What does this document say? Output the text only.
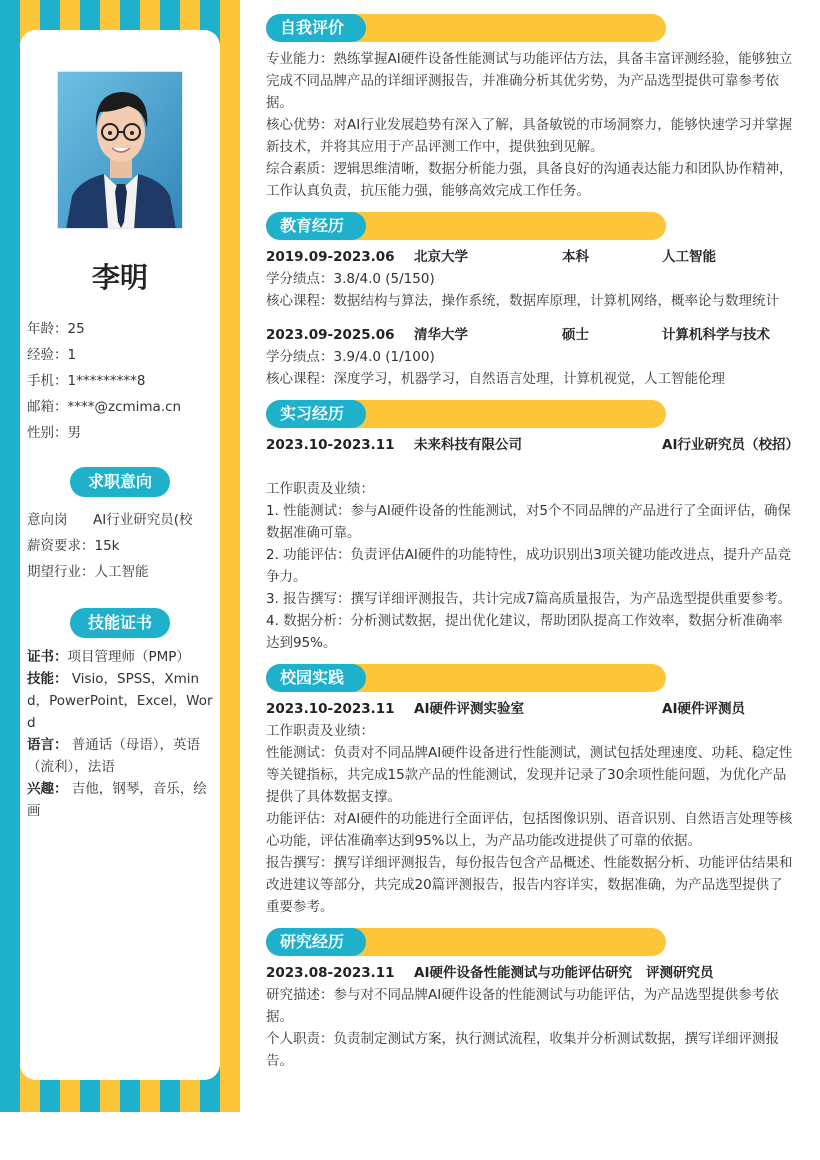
李明
年龄：25
经验：1
手机：1*********8
邮箱：****@zcmima.cn
性别：男
求职意向
意向岗 AI行业研究员(校
薪资要求：15k
期望行业：人工智能
技能证书
证书：项目管理师（PMP）
技能： Visio，SPSS，Xmind，PowerPoint，Excel，Word
语言： 普通话（母语），英语（流利），法语
兴趣： 吉他，钢琴，音乐，绘画
自我评价
专业能力：熟练掌握AI硬件设备性能测试与功能评估方法，具备丰富评测经验，能够独立完成不同品牌产品的详细评测报告，并准确分析其优劣势，为产品选型提供可靠参考依据。
核心优势：对AI行业发展趋势有深入了解，具备敏锐的市场洞察力，能够快速学习并掌握新技术，并将其应用于产品评测工作中，提供独到见解。
综合素质：逻辑思维清晰，数据分析能力强，具备良好的沟通表达能力和团队协作精神，工作认真负责，抗压能力强，能够高效完成工作任务。
教育经历
2019.09-2023.06	北京大学	本科	人工智能
学分绩点：3.8/4.0 (5/150)
核心课程：数据结构与算法，操作系统，数据库原理，计算机网络，概率论与数理统计
2023.09-2025.06	清华大学	硕士	计算机科学与技术
学分绩点：3.9/4.0 (1/100)
核心课程：深度学习，机器学习，自然语言处理，计算机视觉，人工智能伦理
实习经历
2023.10-2023.11	未来科技有限公司	AI行业研究员（校招）
工作职责及业绩：
1. 性能测试：参与AI硬件设备的性能测试，对5个不同品牌的产品进行了全面评估，确保数据准确可靠。
2. 功能评估：负责评估AI硬件的功能特性，成功识别出3项关键功能改进点，提升产品竞争力。
3. 报告撰写：撰写详细评测报告，共计完成7篇高质量报告，为产品选型提供重要参考。
4. 数据分析：分析测试数据，提出优化建议，帮助团队提高工作效率，数据分析准确率达到95%。
校园实践
2023.10-2023.11	AI硬件评测实验室	AI硬件评测员
工作职责及业绩：
性能测试：负责对不同品牌AI硬件设备进行性能测试，测试包括处理速度、功耗、稳定性等关键指标，共完成15款产品的性能测试，发现并记录了30余项性能问题，为优化产品提供了具体数据支撑。
功能评估：对AI硬件的功能进行全面评估，包括图像识别、语音识别、自然语言处理等核心功能，评估准确率达到95%以上，为产品功能改进提供了可靠的依据。
报告撰写：撰写详细评测报告，每份报告包含产品概述、性能数据分析、功能评估结果和改进建议等部分，共完成20篇评测报告，报告内容详实，数据准确，为产品选型提供了重要参考。
研究经历
2023.08-2023.11	AI硬件设备性能测试与功能评估研究	评测研究员
研究描述：参与对不同品牌AI硬件设备的性能测试与功能评估，为产品选型提供参考依据。
个人职责：负责制定测试方案，执行测试流程，收集并分析测试数据，撰写详细评测报告。
